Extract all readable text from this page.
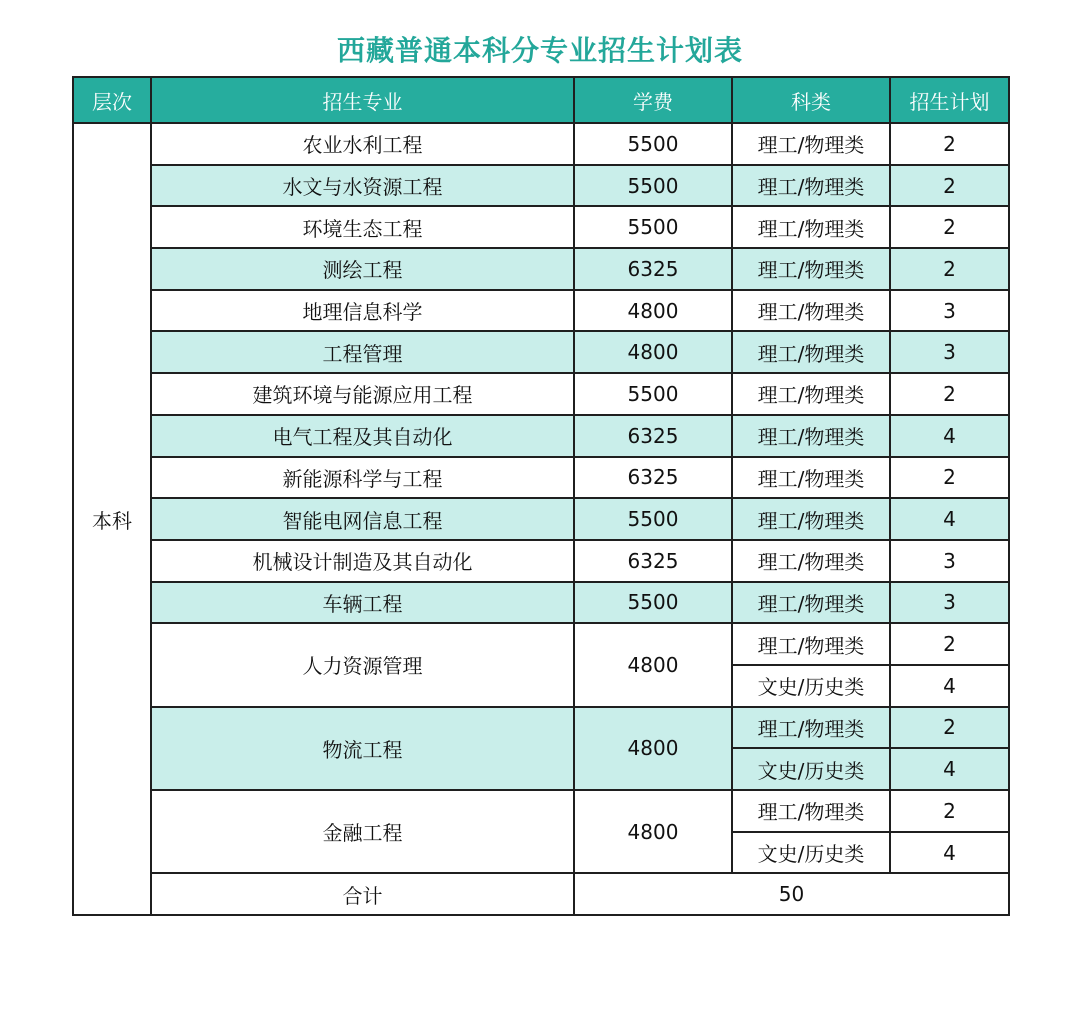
西藏普通本科分专业招生计划表
层次	招生专业	学费	科类	招生计划
本科	农业水利工程	5500	理工/物理类	2
	水文与水资源工程	5500	理工/物理类	2
	环境生态工程	5500	理工/物理类	2
	测绘工程	6325	理工/物理类	2
	地理信息科学	4800	理工/物理类	3
	工程管理	4800	理工/物理类	3
	建筑环境与能源应用工程	5500	理工/物理类	2
	电气工程及其自动化	6325	理工/物理类	4
	新能源科学与工程	6325	理工/物理类	2
	智能电网信息工程	5500	理工/物理类	4
	机械设计制造及其自动化	6325	理工/物理类	3
	车辆工程	5500	理工/物理类	3
	人力资源管理	4800	理工/物理类	2
			文史/历史类	4
	物流工程	4800	理工/物理类	2
			文史/历史类	4
	金融工程	4800	理工/物理类	2
			文史/历史类	4
	合计	50		
